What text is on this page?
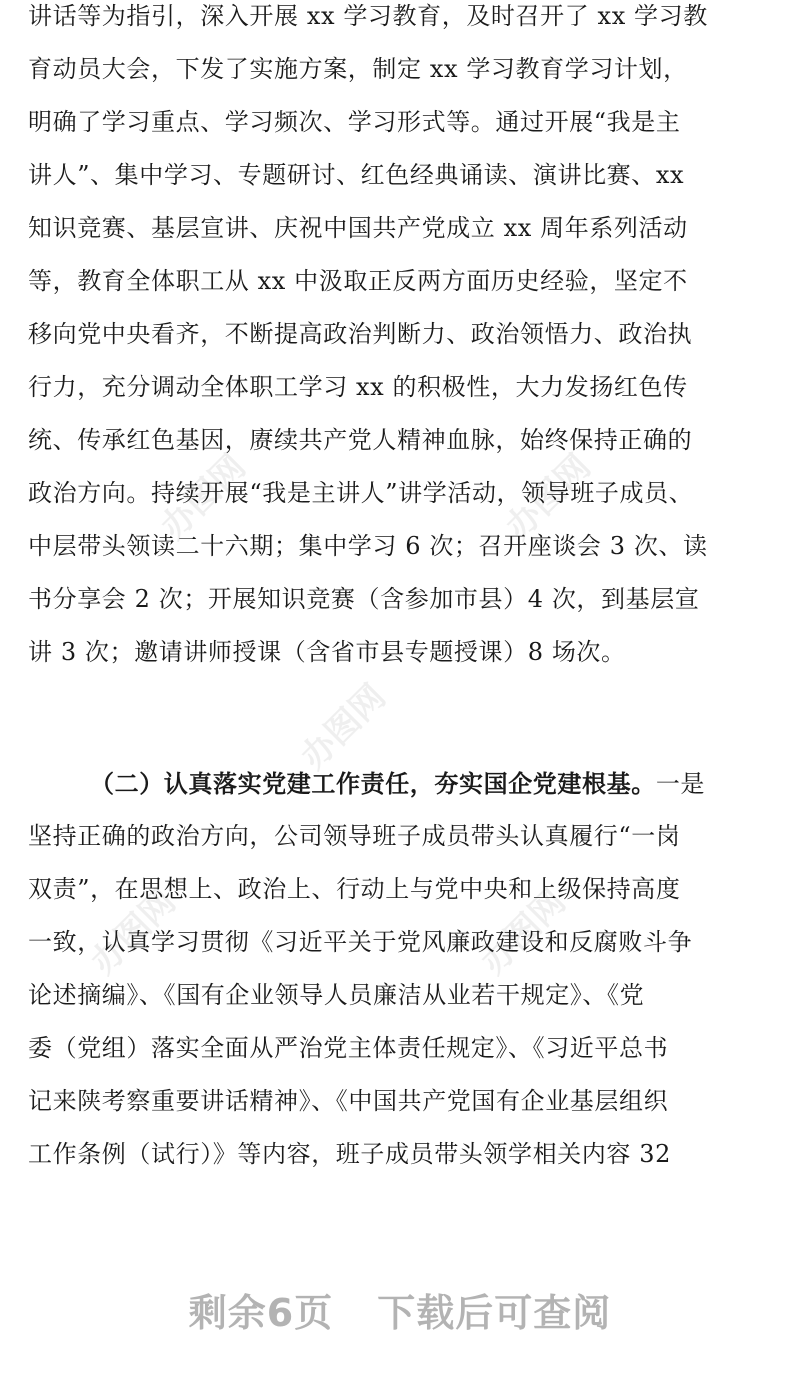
办图网	办图网
办图网
办图网	办图网
讲话等为指引，深入开展 xx 学习教育，及时召开了 xx 学习教
育动员大会，下发了实施方案，制定 xx 学习教育学习计划，
明确了学习重点、学习频次、学习形式等。通过开展“我是主
讲人”、集中学习、专题研讨、红色经典诵读、演讲比赛、xx
知识竞赛、基层宣讲、庆祝中国共产党成立 xx 周年系列活动
等，教育全体职工从 xx 中汲取正反两方面历史经验，坚定不
移向党中央看齐，不断提高政治判断力、政治领悟力、政治执
行力，充分调动全体职工学习 xx 的积极性，大力发扬红色传
统、传承红色基因，赓续共产党人精神血脉，始终保持正确的
政治方向。持续开展“我是主讲人”讲学活动，领导班子成员、
中层带头领读二十六期；集中学习 6 次；召开座谈会 3 次、读
书分享会 2 次；开展知识竞赛（含参加市县）4 次，到基层宣
讲 3 次；邀请讲师授课（含省市县专题授课）8 场次。
（二）认真落实党建工作责任，夯实国企党建根基。一是
坚持正确的政治方向，公司领导班子成员带头认真履行“一岗
双责”，在思想上、政治上、行动上与党中央和上级保持高度
一致，认真学习贯彻《习近平关于党风廉政建设和反腐败斗争
论述摘编》、《国有企业领导人员廉洁从业若干规定》、《党
委（党组）落实全面从严治党主体责任规定》、《习近平总书
记来陕考察重要讲话精神》、《中国共产党国有企业基层组织
工作条例（试行）》等内容，班子成员带头领学相关内容 32
剩余6页 下载后可查阅
